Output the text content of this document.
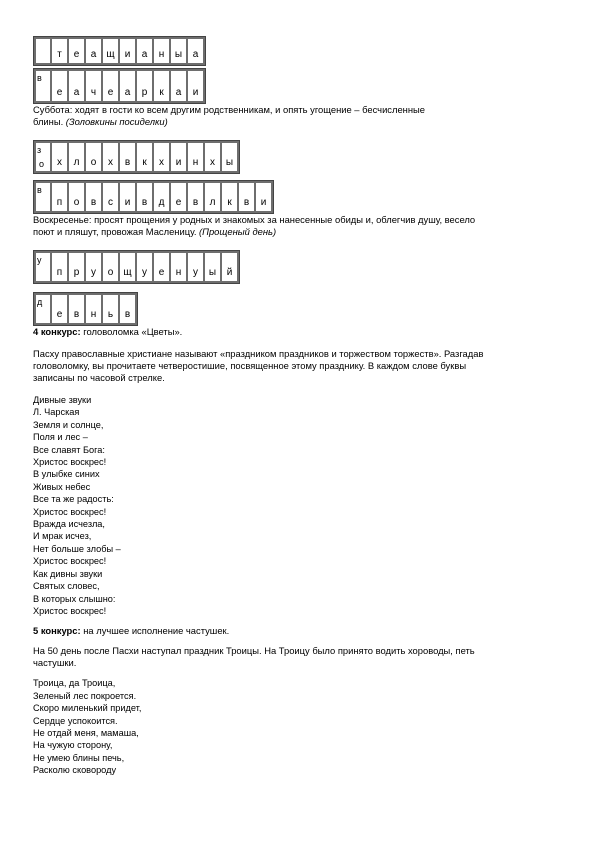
т	е	а	щ	и	а	н	ы	а
в
е	а	ч	е	а	р	к	а	и

Суббота: ходят в гости ко всем другим родственникам, и опять угощение – бесчисленные
блины. (Золовкины посиделки)

з
о	х	л	о	х	в	к	х	и	н	х	ы
в
п	о	в	с	и	в	д	е	в	л	к	в	и

Воскресенье: просят прощения у родных и знакомых за нанесенные обиды и, облегчив душу, весело
поют и пляшут, провожая Масленицу. (Прощеный день)

у
п	р	у	о	щ	у	е	н	у	ы	й
д
е	в	н	ь	в

4 конкурс: головоломка «Цветы».

Пасху православные христиане называют «праздником праздников и торжеством торжеств». Разгадав
головоломку, вы прочитаете четверостишие, посвященное этому празднику. В каждом слове буквы
записаны по часовой стрелке.

Дивные звуки
Л. Чарская
Земля и солнце,
Поля и лес –
Все славят Бога:
Христос воскрес!
В улыбке синих
Живых небес
Все та же радость:
Христос воскрес!
Вражда исчезла,
И мрак исчез,
Нет больше злобы –
Христос воскрес!
Как дивны звуки
Святых словес,
В которых слышно:
Христос воскрес!

5 конкурс: на лучшее исполнение частушек.

На 50 день после Пасхи наступал праздник Троицы. На Троицу было принято водить хороводы, петь
частушки.

Троица, да Троица,
Зеленый лес покроется.
Скоро миленький придет,
Сердце успокоится.
Не отдай меня, мамаша,
На чужую сторону,
Не умею блины печь,
Расколю сковороду
